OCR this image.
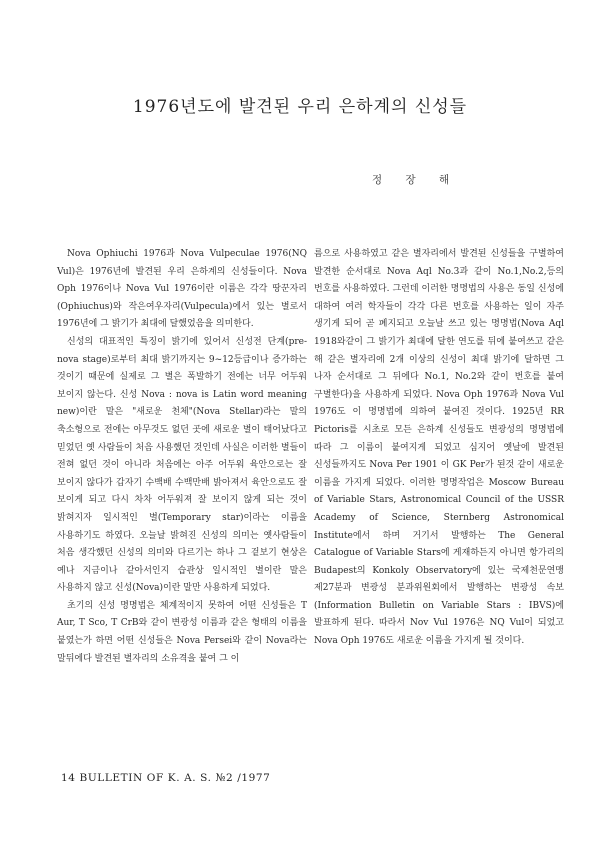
1976년도에 발견된 우리 은하계의 신성들
정 장 해

Nova Ophiuchi 1976과 Nova Vulpeculae 1976(NQ Vul)은 1976년에 발견된 우리 은하계의 신성들이다. Nova Oph 1976이나 Nova Vul 1976이란 이름은 각각 땅꾼자리(Ophiuchus)와 작은여우자리(Vulpecula)에서 있는 별로서 1976년에 그 밝기가 최대에 달했었음을 의미한다.

신성의 대표적인 특징이 밝기에 있어서 신성전 단계(pre-nova stage)로부터 최대 밝기까지는 9~12등급이나 증가하는 것이기 때문에 실제로 그 별은 폭발하기 전에는 너무 어두워 보이지 않는다. 신성 Nova : nova is Latin word meaning new)이란 말은 "새로운 천체"(Nova Stellar)라는 말의 축소형으로 전에는 아무것도 없던 곳에 새로운 별이 태어났다고 믿었던 옛 사람들이 처음 사용했던 것인데 사실은 이러한 별들이 전혀 없던 것이 아니라 처음에는 아주 어두워 육안으로는 잘 보이지 않다가 갑자기 수백배 수백만배 밝아져서 육안으로도 잘 보이게 되고 다시 차차 어두워져 잘 보이지 않게 되는 것이 밝혀지자 일시적인 별(Temporary star)이라는 이름을 사용하기도 하였다. 오늘날 밝혀진 신성의 의미는 옛사람들이 처음 생각했던 신성의 의미와 다르기는 하나 그 겉보기 현상은 예나 지금이나 같아서인지 습관상 일시적인 별이란 말은 사용하지 않고 신성(Nova)이란 말만 사용하게 되었다.

초기의 신성 명명법은 체계적이지 못하여 어떤 신성들은 T Aur, T Sco, T CrB와 같이 변광성 이름과 같은 형태의 이름을 붙였는가 하면 어떤 신성들은 Nova Persei와 같이 Nova라는 말뒤에다 발견된 별자리의 소유격을 붙여 그 이

름으로 사용하였고 같은 별자리에서 발견된 신성들을 구별하여 발견한 순서대로 Nova Aql No.3과 같이 No.1,No.2,등의 번호를 사용하였다. 그런데 이러한 명명법의 사용은 동일 신성에 대하여 여러 학자들이 각각 다른 번호를 사용하는 일이 자주 생기게 되어 곧 폐지되고 오늘날 쓰고 있는 명명법(Nova Aql 1918와같이 그 밝기가 최대에 달한 연도를 뒤에 붙여쓰고 같은 해 같은 별자리에 2개 이상의 신성이 최대 밝기에 달하면 그 나자 순서대로 그 뒤에다 No.1, No.2와 같이 번호를 붙여 구별한다)을 사용하게 되었다. Nova Oph 1976과 Nova Vul 1976도 이 명명법에 의하여 붙여진 것이다. 1925년 RR Pictoris를 시초로 모든 은하계 신성들도 변광성의 명명법에 따라 그 이름이 붙여지게 되었고 심지어 옛날에 발견된 신성들까지도 Nova Per 1901 이 GK Per가 된것 같이 새로운 이름을 가지게 되었다. 이러한 명명작업은 Moscow Bureau of Variable Stars, Astronomical Council of the USSR Academy of Science, Sternberg Astronomical Institute에서 하며 거기서 발행하는 The General Catalogue of Variable Stars에 게재하든지 아니면 항가리의 Budapest의 Konkoly Observatory에 있는 국제천문연맹 제27분과 변광성 분과위원회에서 발행하는 변광성 속보(Information Bulletin on Variable Stars : IBVS)에 발표하게 된다. 따라서 Nov Vul 1976은 NQ Vul이 되었고 Nova Oph 1976도 새로운 이름을 가지게 될 것이다.

14 BULLETIN OF K. A. S. №2 /1977
